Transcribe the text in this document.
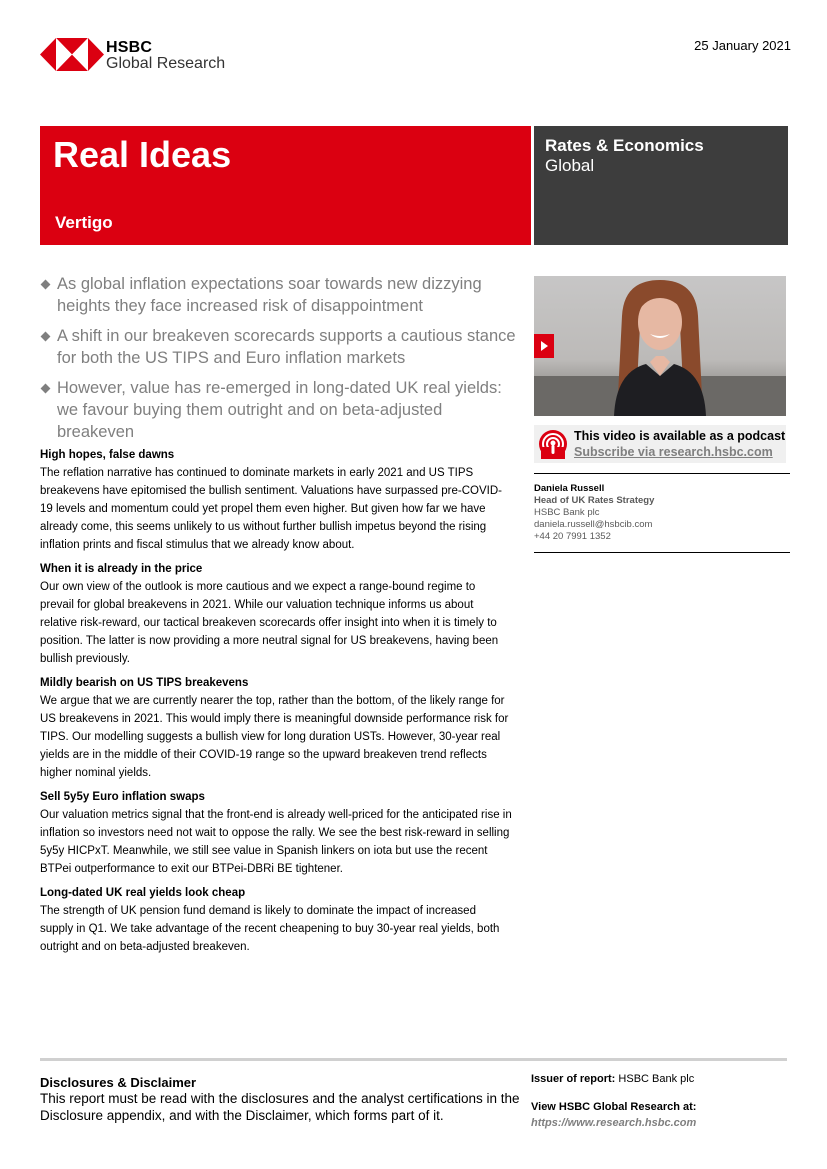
HSBC
Global Research
25 January 2021
Real Ideas
Vertigo
Rates & Economics
Global
As global inflation expectations soar towards new dizzying heights they face increased risk of disappointment
A shift in our breakeven scorecards supports a cautious stance for both the US TIPS and Euro inflation markets
However, value has re-emerged in long-dated UK real yields: we favour buying them outright and on beta-adjusted breakeven
High hopes, false dawns

The reflation narrative has continued to dominate markets in early 2021 and US TIPS breakevens have epitomised the bullish sentiment. Valuations have surpassed pre-COVID-19 levels and momentum could yet propel them even higher. But given how far we have already come, this seems unlikely to us without further bullish impetus beyond the rising inflation prints and fiscal stimulus that we already know about.

When it is already in the price

Our own view of the outlook is more cautious and we expect a range-bound regime to prevail for global breakevens in 2021. While our valuation technique informs us about relative risk-reward, our tactical breakeven scorecards offer insight into when it is timely to position. The latter is now providing a more neutral signal for US breakevens, having been bullish previously.

Mildly bearish on US TIPS breakevens

We argue that we are currently nearer the top, rather than the bottom, of the likely range for US breakevens in 2021. This would imply there is meaningful downside performance risk for TIPS. Our modelling suggests a bullish view for long duration USTs. However, 30-year real yields are in the middle of their COVID-19 range so the upward breakeven trend reflects higher nominal yields.

Sell 5y5y Euro inflation swaps

Our valuation metrics signal that the front-end is already well-priced for the anticipated rise in inflation so investors need not wait to oppose the rally. We see the best risk-reward in selling 5y5y HICPxT. Meanwhile, we still see value in Spanish linkers on iota but use the recent BTPei outperformance to exit our BTPei-DBRi BE tightener.

Long-dated UK real yields look cheap

The strength of UK pension fund demand is likely to dominate the impact of increased supply in Q1. We take advantage of the recent cheapening to buy 30-year real yields, both outright and on beta-adjusted breakeven.

This video is available as a podcast
Subscribe via research.hsbc.com
Daniela Russell
Head of UK Rates Strategy
HSBC Bank plc
daniela.russell@hsbcib.com
+44 20 7991 1352
Disclosures & Disclaimer
This report must be read with the disclosures and the analyst certifications in the Disclosure appendix, and with the Disclaimer, which forms part of it.
Issuer of report: HSBC Bank plc
View HSBC Global Research at:
https://www.research.hsbc.com
